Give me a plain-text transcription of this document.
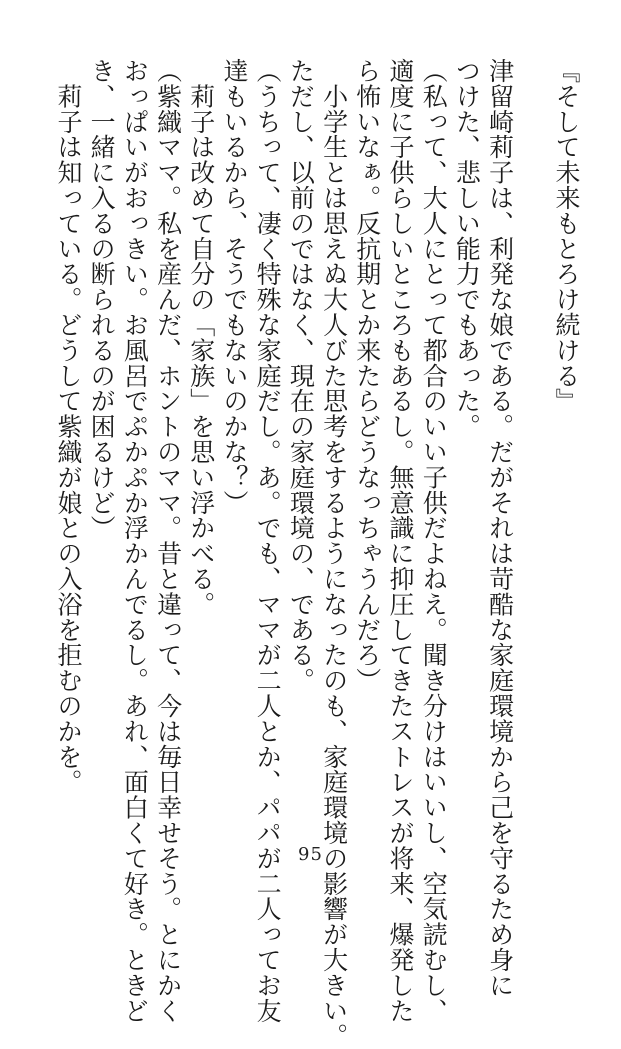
『そして未来もとろけ続ける』

津留崎莉子は、利発な娘である。だがそれは苛酷な家庭環境から己を守るため身に
つけた、悲しい能力でもあった。
（私って、大人にとって都合のいい子供だよねえ。聞き分けはいいし、空気読むし、
適度に子供らしいところもあるし。無意識に抑圧してきたストレスが将来、爆発した
ら怖いなぁ。反抗期とか来たらどうなっちゃうんだろ）
　小学生とは思えぬ大人びた思考をするようになったのも、家庭環境の影響が大きい。
ただし、以前のではなく、現在の家庭環境の、である。
（うちって、凄く特殊な家庭だし。あ。でも、ママが二人とか、パパが二人ってお友
達もいるから、そうでもないのかな？）
　莉子は改めて自分の「家族」を思い浮かべる。
（紫織ママ。私を産んだ、ホントのママ。昔と違って、今は毎日幸せそう。とにかく
おっぱいがおっきい。お風呂でぷかぷか浮かんでるし。あれ、面白くて好き。ときど
き、一緒に入るの断られるのが困るけど）
　莉子は知っている。どうして紫織が娘との入浴を拒むのかを。
95
